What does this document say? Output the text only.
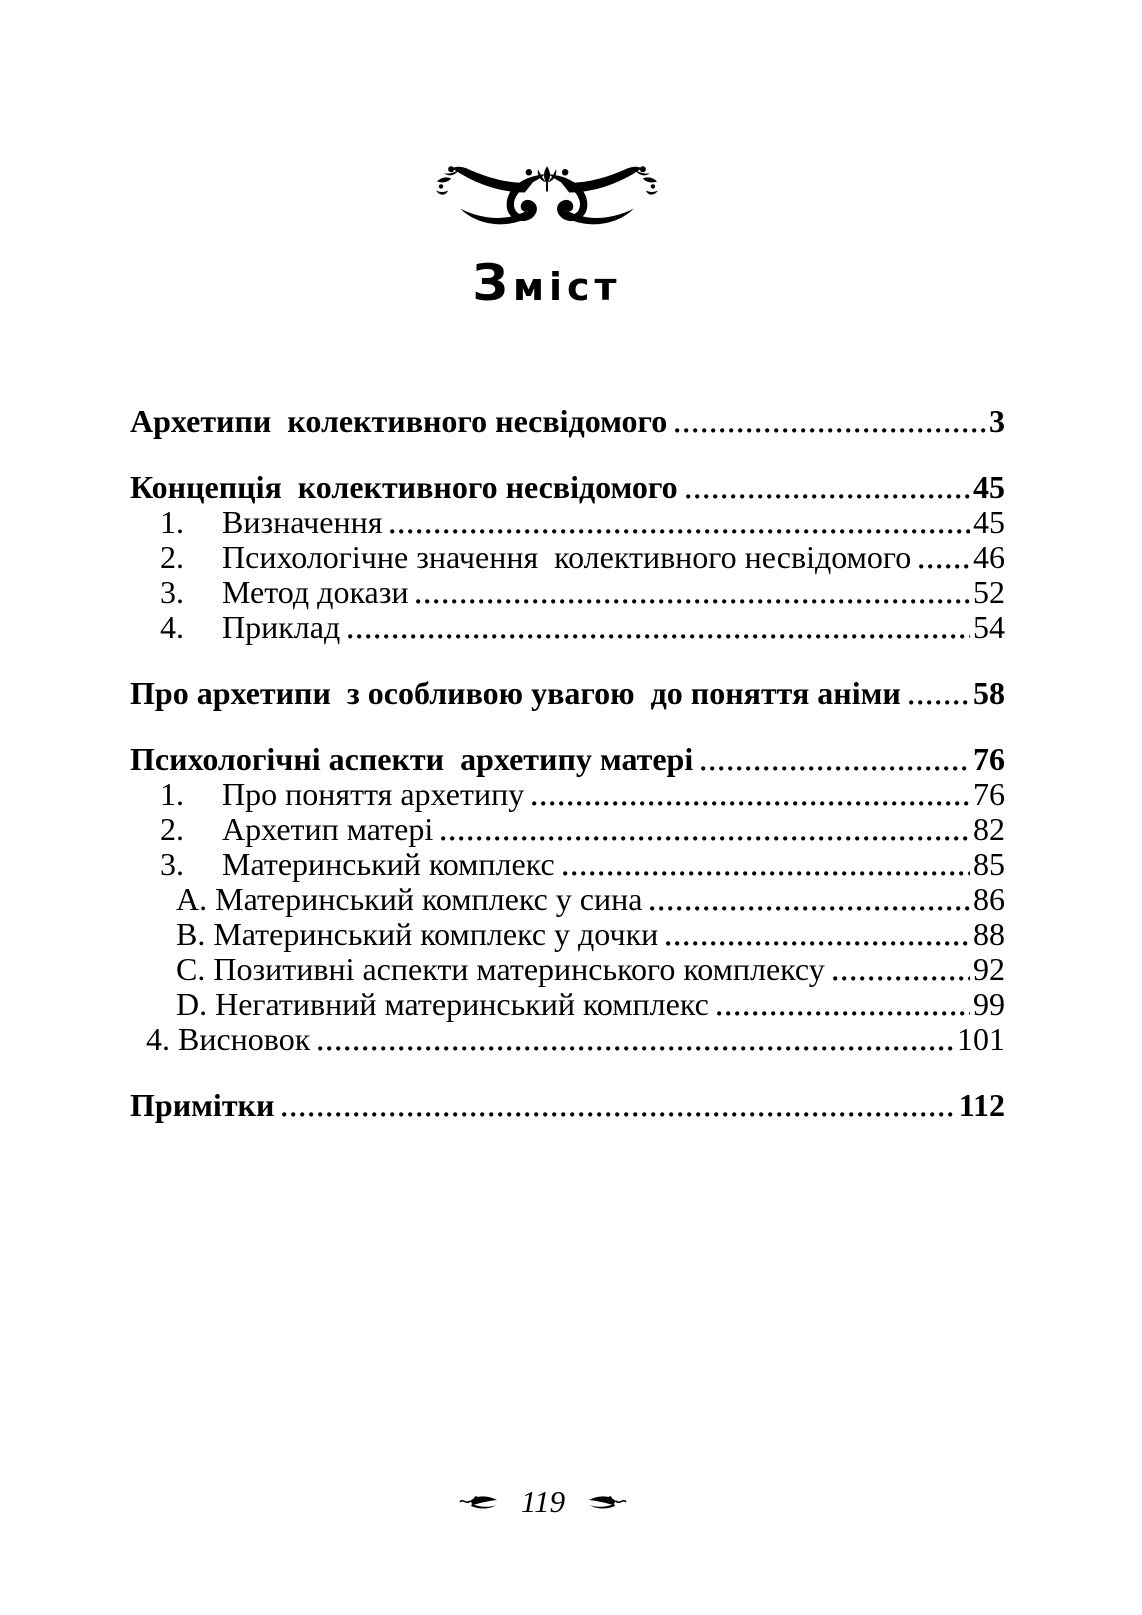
Зміст
Архетипи  колективного несвідомого	3
Концепція  колективного несвідомого	45
1.	Визначення	45
2.	Психологічне значення  колективного несвідомого 46
3.	Метод докази	52
4.	Приклад	54
Про архетипи  з особливою увагою  до поняття аніми 58
Психологічні аспекти  архетипу матері	76
1.	Про поняття архетипу	76
2.	Архетип матері	82
3.	Материнський комплекс	85
A. Материнський комплекс у сина	86
B. Материнський комплекс у дочки	88
C. Позитивні аспекти материнського комплексу	92
D. Негативний материнський комплекс	99
4. Висновок	101
Примітки	112
119
